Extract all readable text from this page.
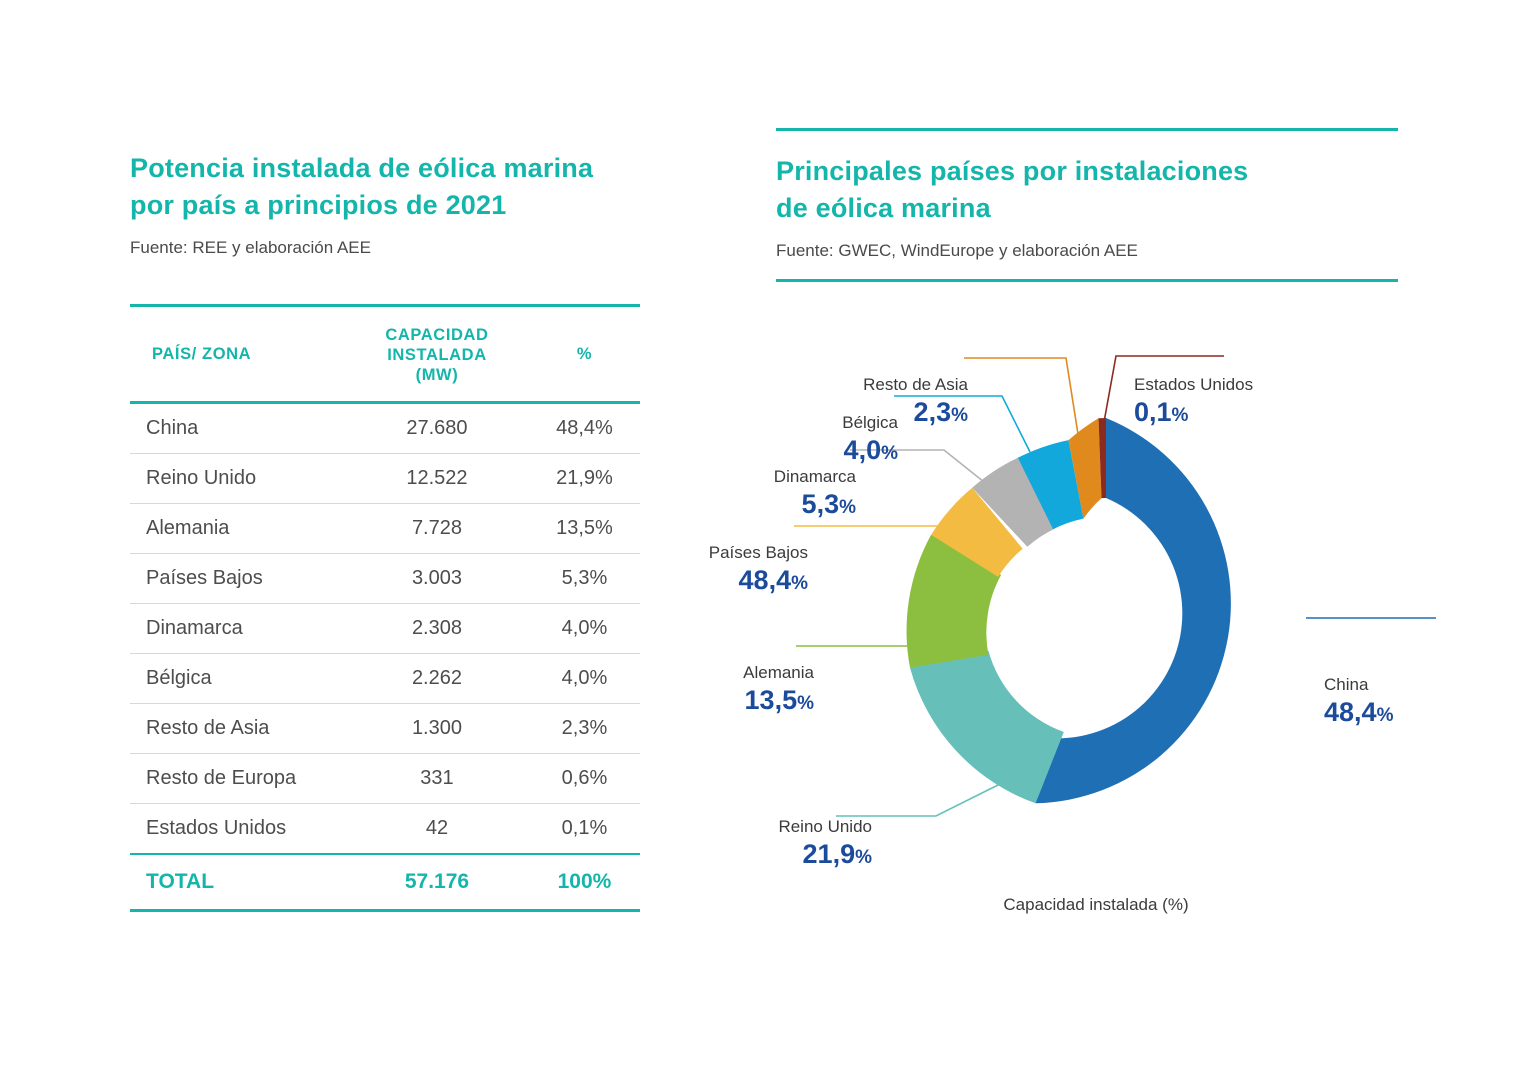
Potencia instalada de eólica marina
por país a principios de 2021
Fuente: REE y elaboración AEE
PAÍS/ ZONA	CAPACIDAD
INSTALADA
(MW)	%
China	27.680	48,4%
Reino Unido	12.522	21,9%
Alemania	7.728	13,5%
Países Bajos	3.003	5,3%
Dinamarca	2.308	4,0%
Bélgica	2.262	4,0%
Resto de Asia	1.300	2,3%
Resto de Europa	331	0,6%
Estados Unidos	42	0,1%
TOTAL	57.176	100%
Principales países por instalaciones
de eólica marina
Fuente: GWEC, WindEurope y elaboración AEE
China
48,4%
Reino Unido
21,9%
Alemania
13,5%
Países Bajos
48,4%
Dinamarca
5,3%
Bélgica
4,0%
Resto de Asia
2,3%
Estados Unidos
0,1%
Capacidad instalada (%)
